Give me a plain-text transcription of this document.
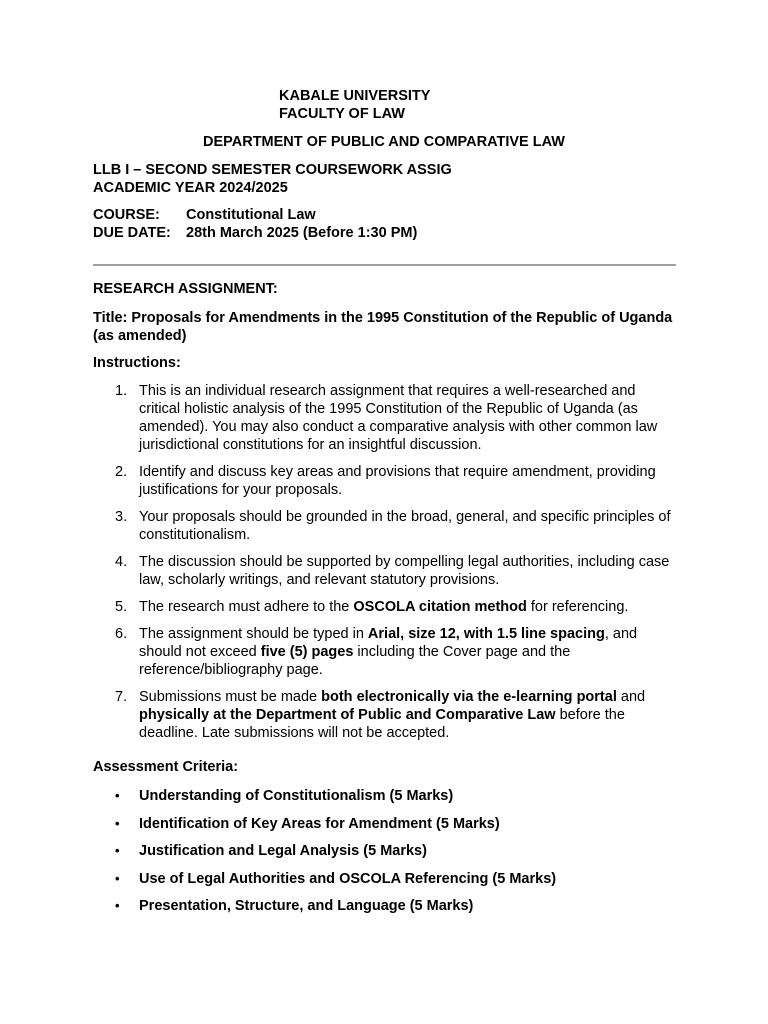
KABALE UNIVERSITY
FACULTY OF LAW
DEPARTMENT OF PUBLIC AND COMPARATIVE LAW
LLB I – SECOND SEMESTER COURSEWORK ASSIG
ACADEMIC YEAR 2024/2025
COURSE:	Constitutional Law
DUE DATE:	28th March 2025 (Before 1:30 PM)
RESEARCH ASSIGNMENT:
Title: Proposals for Amendments in the 1995 Constitution of the Republic of Uganda (as amended)
Instructions:
1. This is an individual research assignment that requires a well-researched and critical holistic analysis of the 1995 Constitution of the Republic of Uganda (as amended). You may also conduct a comparative analysis with other common law jurisdictional constitutions for an insightful discussion.
2. Identify and discuss key areas and provisions that require amendment, providing justifications for your proposals.
3. Your proposals should be grounded in the broad, general, and specific principles of constitutionalism.
4. The discussion should be supported by compelling legal authorities, including case law, scholarly writings, and relevant statutory provisions.
5. The research must adhere to the OSCOLA citation method for referencing.
6. The assignment should be typed in Arial, size 12, with 1.5 line spacing, and should not exceed five (5) pages including the Cover page and the reference/bibliography page.
7. Submissions must be made both electronically via the e-learning portal and physically at the Department of Public and Comparative Law before the deadline. Late submissions will not be accepted.
Assessment Criteria:
•	Understanding of Constitutionalism (5 Marks)
•	Identification of Key Areas for Amendment (5 Marks)
•	Justification and Legal Analysis (5 Marks)
•	Use of Legal Authorities and OSCOLA Referencing (5 Marks)
•	Presentation, Structure, and Language (5 Marks)
